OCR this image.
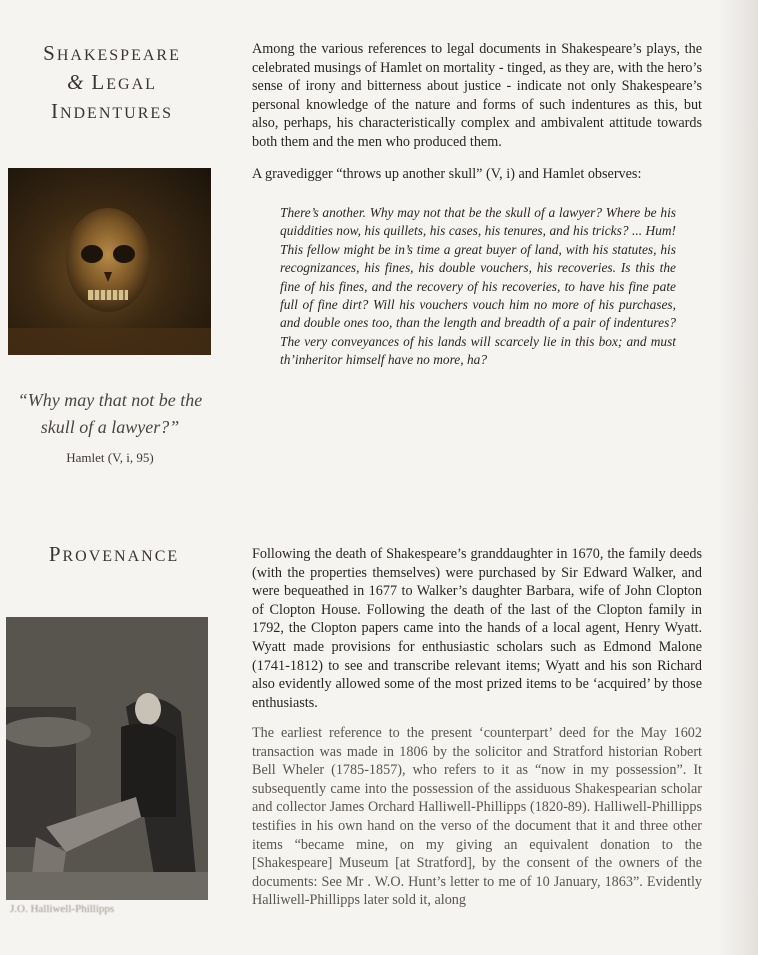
SHAKESPEARE
& LEGAL
INDENTURES
“Why may that not be the
skull of a lawyer?”
Hamlet (V, i, 95)
Among the various references to legal documents in Shakespeare’s plays, the celebrated musings of Hamlet on mortality - tinged, as they are, with the hero’s sense of irony and bitterness about justice - indicate not only Shakespeare’s personal knowledge of the nature and forms of such indentures as this, but also, perhaps, his characteristically complex and ambivalent attitude towards both them and the men who produced them.
A gravedigger “throws up another skull” (V, i) and Hamlet observes:
There’s another. Why may not that be the skull of a lawyer? Where be his quiddities now, his quillets, his cases, his tenures, and his tricks? ... Hum! This fellow might be in’s time a great buyer of land, with his statutes, his recognizances, his fines, his double vouchers, his recoveries. Is this the fine of his fines, and the recovery of his recoveries, to have his fine pate full of fine dirt? Will his vouchers vouch him no more of his purchases, and double ones too, than the length and breadth of a pair of indentures? The very conveyances of his lands will scarcely lie in this box; and must th’inheritor himself have no more, ha?
PROVENANCE
J.O. Halliwell-Phillipps
Following the death of Shakespeare’s granddaughter in 1670, the family deeds (with the properties themselves) were purchased by Sir Edward Walker, and were bequeathed in 1677 to Walker’s daughter Barbara, wife of John Clopton of Clopton House. Following the death of the last of the Clopton family in 1792, the Clopton papers came into the hands of a local agent, Henry Wyatt. Wyatt made provisions for enthusiastic scholars such as Edmond Malone (1741-1812) to see and transcribe relevant items; Wyatt and his son Richard also evidently allowed some of the most prized items to be ‘acquired’ by those enthusiasts.
The earliest reference to the present ‘counterpart’ deed for the May 1602 transaction was made in 1806 by the solicitor and Stratford historian Robert Bell Wheler (1785-1857), who refers to it as “now in my possession”. It subsequently came into the possession of the assiduous Shakespearian scholar and collector James Orchard Halliwell-Phillipps (1820-89). Halliwell-Phillipps testifies in his own hand on the verso of the document that it and three other items “became mine, on my giving an equivalent donation to the [Shakespeare] Museum [at Stratford], by the consent of the owners of the documents: See Mr . W.O. Hunt’s letter to me of 10 January, 1863”. Evidently Halliwell-Phillipps later sold it, along
